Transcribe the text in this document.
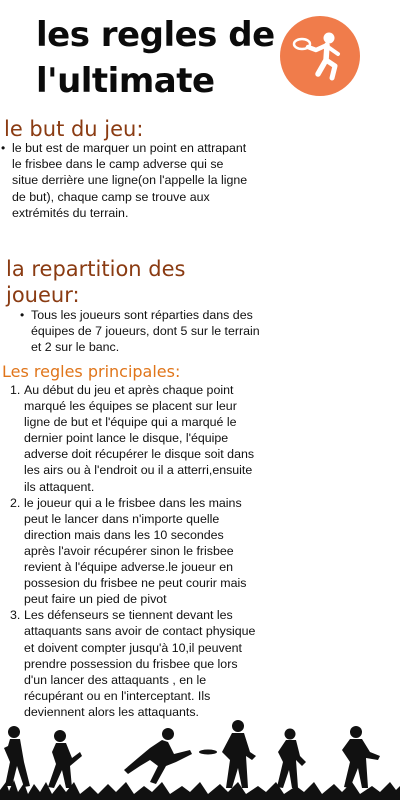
les regles de l'ultimate
le but du jeu:
• le but est de marquer un point en attrapant le frisbee dans le camp adverse qui se situe derrière une ligne(on l'appelle la ligne de but), chaque camp se trouve aux extrémités du terrain.
la repartition des joueur:
• Tous les joueurs sont réparties dans des équipes de 7 joueurs, dont 5 sur le terrain et 2 sur le banc.
Les regles principales:
1. Au début du jeu et après chaque point marqué les équipes se placent sur leur ligne de but et l'équipe qui a marqué le dernier point lance le disque, l'équipe adverse doit récupérer le disque soit dans les airs ou à l'endroit ou il a atterri,ensuite ils attaquent.
2. le joueur qui a le frisbee dans les mains peut le lancer dans n'importe quelle direction mais dans les 10 secondes après l'avoir récupérer sinon le frisbee revient à l'équipe adverse.le joueur en possesion du frisbee ne peut courir mais peut faire un pied de pivot
3. Les défenseurs se tiennent devant les attaquants sans avoir de contact physique et doivent compter jusqu'à 10,il peuvent prendre possession du frisbee que lors d'un lancer des attaquants , en le récupérant ou en l'interceptant. Ils deviennent alors les attaquants.
